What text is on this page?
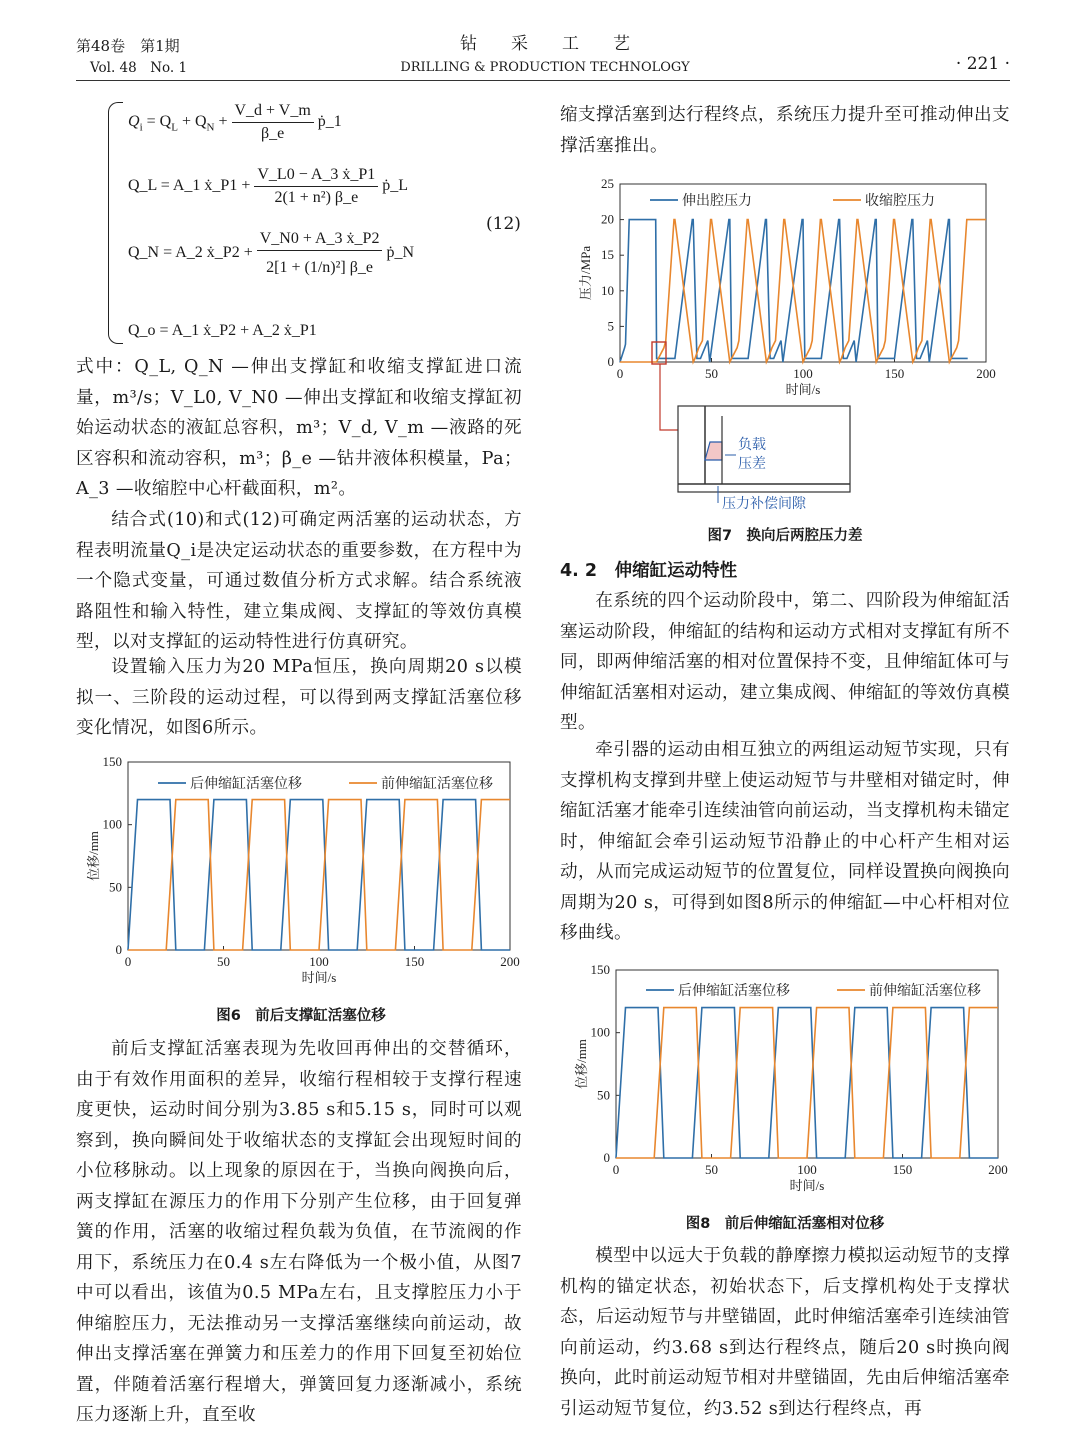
第48卷　第1期
Vol. 48　No. 1
钻　　采　　工　　艺
DRILLING & PRODUCTION TECHNOLOGY	· 221 ·
$Q_i = Q_L + Q_N + \frac{V\_d + V\_m}{\beta\_e}$ ṗ_1
Q_L = A_1 ẋ_P1 + $\frac{\text{V\_L0 − A\_3 ẋ\_P1}}{\text{2(1 + n²) β\_e}}$ ṗ_L
Q_N = A_2 ẋ_P2 + $\frac{\text{V\_N0 + A\_3 ẋ\_P2}}{\text{2[1 + (1/n)²] β\_e}}$ ṗ_N
Q_o = A_1 ẋ_P2 + A_2 ẋ_P1
(12)
式中：Q_L, Q_N —伸出支撑缸和收缩支撑缸进口流量，m³/s；V_L0, V_N0 —伸出支撑缸和收缩支撑缸初始运动状态的液缸总容积，m³；V_d, V_m —液路的死区容积和流动容积，m³；β_e —钻井液体积模量，Pa；A_3 —收缩腔中心杆截面积，m²。
结合式(10)和式(12)可确定两活塞的运动状态，方程表明流量Q_i是决定运动状态的重要参数，在方程中为一个隐式变量，可通过数值分析方式求解。结合系统液路阻性和输入特性，建立集成阀、支撑缸的等效仿真模型，以对支撑缸的运动特性进行仿真研究。
设置输入压力为20 MPa恒压，换向周期20 s以模拟一、三阶段的运动过程，可以得到两支撑缸活塞位移变化情况，如图6所示。
0	50	100	150	200
0
50
100
150
时间/s
位移/mm
后伸缩缸活塞位移	前伸缩缸活塞位移
图6　前后支撑缸活塞位移
前后支撑缸活塞表现为先收回再伸出的交替循环，由于有效作用面积的差异，收缩行程相较于支撑行程速度更快，运动时间分别为3.85 s和5.15 s，同时可以观察到，换向瞬间处于收缩状态的支撑缸会出现短时间的小位移脉动。以上现象的原因在于，当换向阀换向后，两支撑缸在源压力的作用下分别产生位移，由于回复弹簧的作用，活塞的收缩过程负载为负值，在节流阀的作用下，系统压力在0.4 s左右降低为一个极小值，从图7中可以看出，该值为0.5 MPa左右，且支撑腔压力小于伸缩腔压力，无法推动另一支撑活塞继续向前运动，故伸出支撑活塞在弹簧力和压差力的作用下回复至初始位置，伴随着活塞行程增大，弹簧回复力逐渐减小，系统压力逐渐上升，直至收
缩支撑活塞到达行程终点，系统压力提升至可推动伸出支撑活塞推出。
0	50	100	150	200
0
5
10
15
20
25
时间/s
压力/MPa
伸出腔压力	收缩腔压力
负载
压差
压力补偿间隙
图7　换向后两腔压力差
4. 2　伸缩缸运动特性
在系统的四个运动阶段中，第二、四阶段为伸缩缸活塞运动阶段，伸缩缸的结构和运动方式相对支撑缸有所不同，即两伸缩活塞的相对位置保持不变，且伸缩缸体可与伸缩缸活塞相对运动，建立集成阀、伸缩缸的等效仿真模型。
牵引器的运动由相互独立的两组运动短节实现，只有支撑机构支撑到井壁上使运动短节与井壁相对锚定时，伸缩缸活塞才能牵引连续油管向前运动，当支撑机构未锚定时，伸缩缸会牵引运动短节沿静止的中心杆产生相对运动，从而完成运动短节的位置复位，同样设置换向阀换向周期为20 s，可得到如图8所示的伸缩缸—中心杆相对位移曲线。
0	50	100	150	200
0
50
100
150
时间/s
位移/mm
后伸缩缸活塞位移	前伸缩缸活塞位移
图8　前后伸缩缸活塞相对位移
模型中以远大于负载的静摩擦力模拟运动短节的支撑机构的锚定状态，初始状态下，后支撑机构处于支撑状态，后运动短节与井壁锚固，此时伸缩活塞牵引连续油管向前运动，约3.68 s到达行程终点，随后20 s时换向阀换向，此时前运动短节相对井壁锚固，先由后伸缩活塞牵引运动短节复位，约3.52 s到达行程终点，再
